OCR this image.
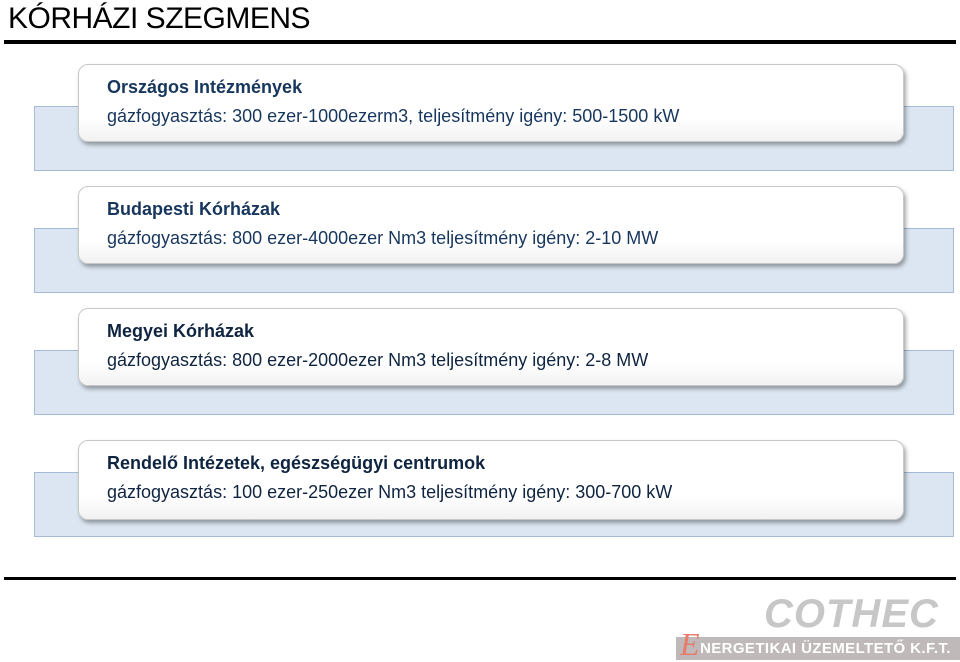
KÓRHÁZI SZEGMENS
Országos Intézmények
gázfogyasztás: 300 ezer-1000ezerm3, teljesítmény igény: 500-1500 kW
Budapesti Kórházak
gázfogyasztás: 800 ezer-4000ezer Nm3 teljesítmény igény: 2-10 MW
Megyei Kórházak
gázfogyasztás: 800 ezer-2000ezer Nm3 teljesítmény igény: 2-8 MW
Rendelő Intézetek, egészségügyi centrumok
gázfogyasztás: 100 ezer-250ezer Nm3 teljesítmény igény: 300-700 kW
COTHEC
E NERGETIKAI ÜZEMELTETŐ K.F.T.
